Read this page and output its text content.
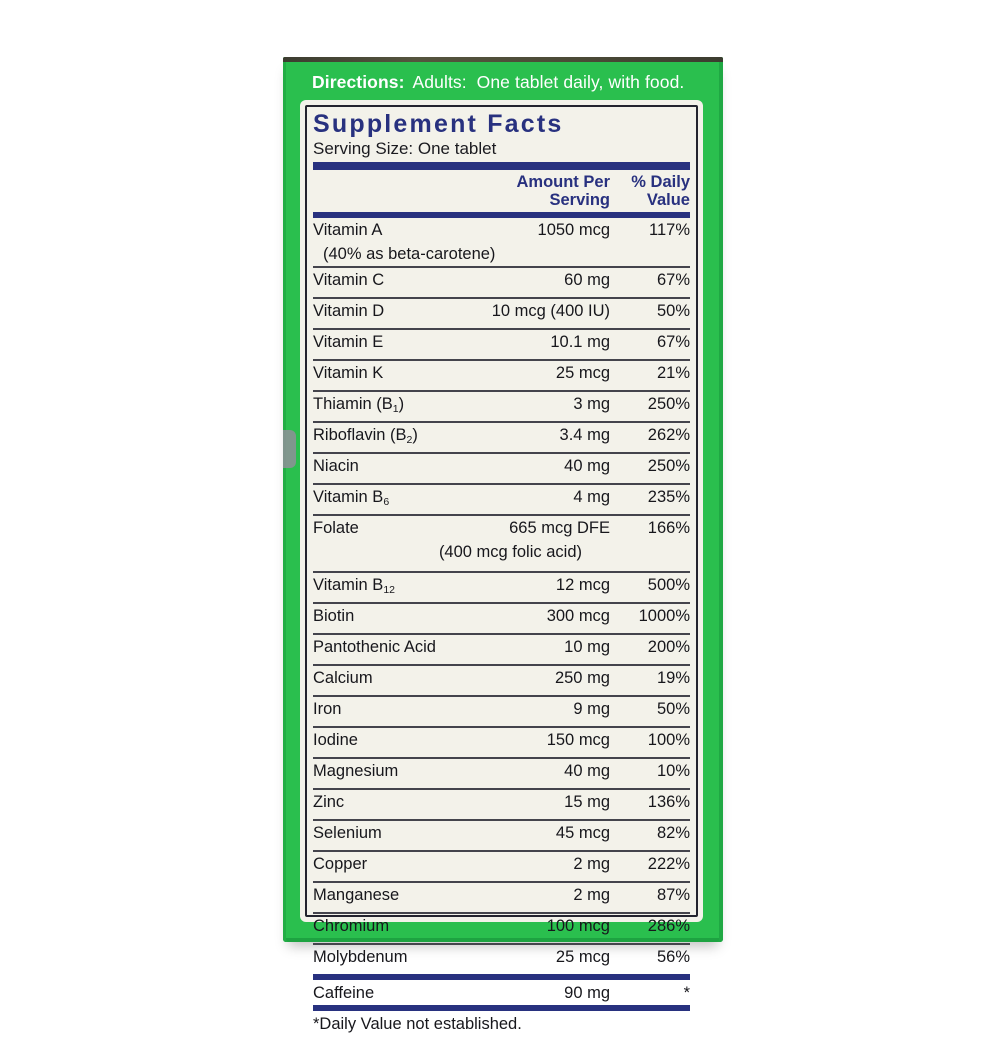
Directions: Adults:  One tablet daily, with food.
Supplement Facts
Serving Size: One tablet
Amount Per
Serving
% Daily
Value
Vitamin A	1050 mcg	117%
(40% as beta-carotene)
Vitamin C	60 mg	67%
Vitamin D	10 mcg (400 IU)	50%
Vitamin E	10.1 mg	67%
Vitamin K	25 mcg	21%
Thiamin $(B_1)$	3 mg	250%
Riboflavin $(B_2)$	3.4 mg	262%
Niacin	40 mg	250%
Vitamin $B_6$	4 mg	235%
Folate	665 mcg DFE	166%
(400 mcg folic acid)
Vitamin $B_{12}$	12 mcg	500%
Biotin	300 mcg	1000%
Pantothenic Acid	10 mg	200%
Calcium	250 mg	19%
Iron	9 mg	50%
Iodine	150 mcg	100%
Magnesium	40 mg	10%
Zinc	15 mg	136%
Selenium	45 mcg	82%
Copper	2 mg	222%
Manganese	2 mg	87%
Chromium	100 mcg	286%
Molybdenum	25 mcg	56%
Caffeine	90 mg	*
*Daily Value not established.
